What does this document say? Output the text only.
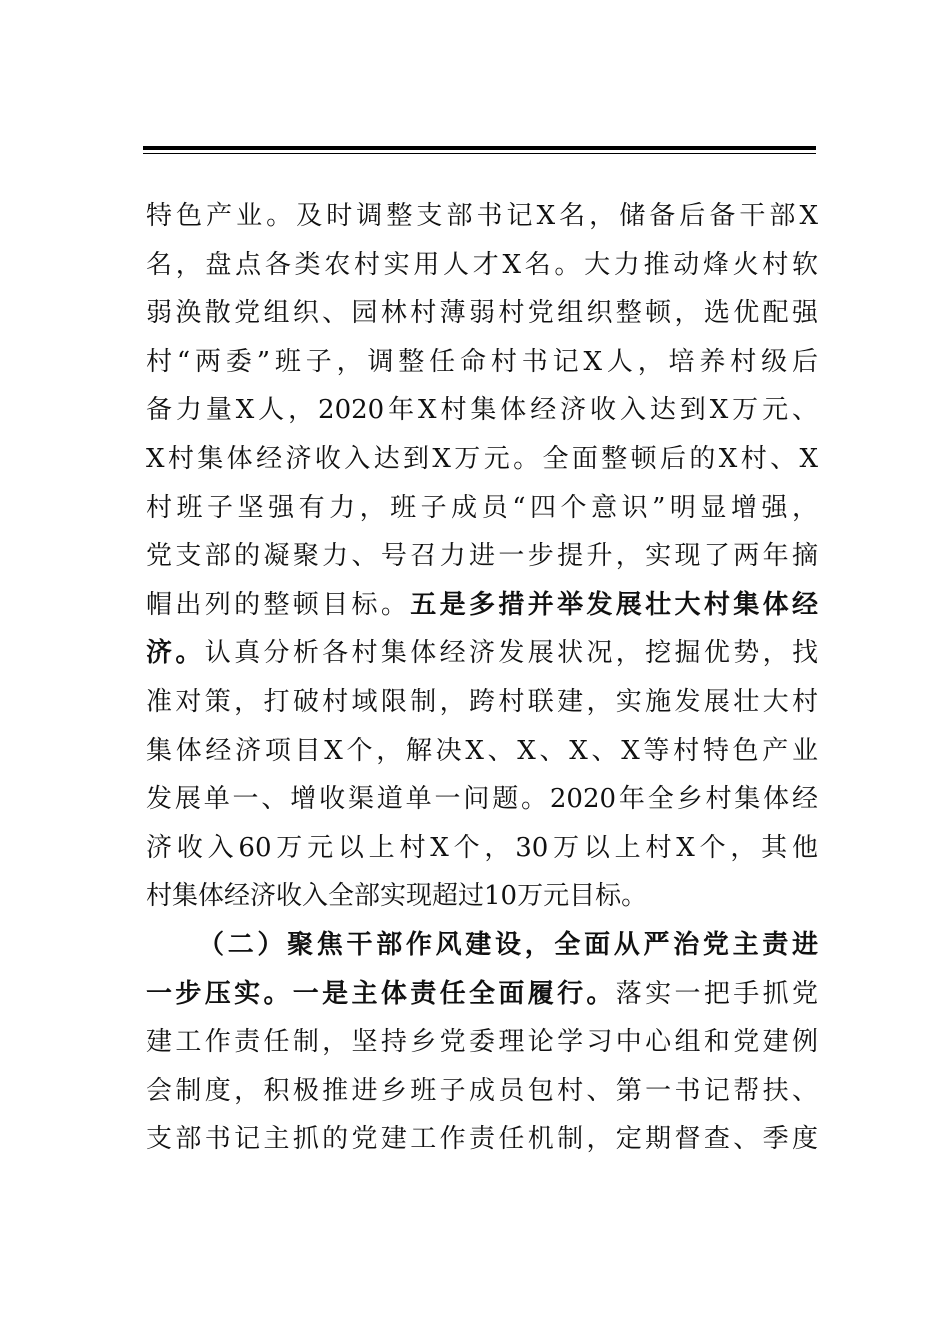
特色产业。及时调整支部书记X名，储备后备干部X
名，盘点各类农村实用人才X名。大力推动烽火村软
弱涣散党组织、园林村薄弱村党组织整顿，选优配强
村“两委”班子，调整任命村书记X人，培养村级后
备力量X人，2020年X村集体经济收入达到X万元、
X村集体经济收入达到X万元。全面整顿后的X村、X
村班子坚强有力，班子成员“四个意识”明显增强，
党支部的凝聚力、号召力进一步提升，实现了两年摘
帽出列的整顿目标。五是多措并举发展壮大村集体经
济。认真分析各村集体经济发展状况，挖掘优势，找
准对策，打破村域限制，跨村联建，实施发展壮大村
集体经济项目X个，解决X、X、X、X等村特色产业
发展单一、增收渠道单一问题。2020年全乡村集体经
济收入60万元以上村X个，30万以上村X个，其他
村集体经济收入全部实现超过10万元目标。
（二）聚焦干部作风建设，全面从严治党主责进
一步压实。一是主体责任全面履行。落实一把手抓党
建工作责任制，坚持乡党委理论学习中心组和党建例
会制度，积极推进乡班子成员包村、第一书记帮扶、
支部书记主抓的党建工作责任机制，定期督查、季度
